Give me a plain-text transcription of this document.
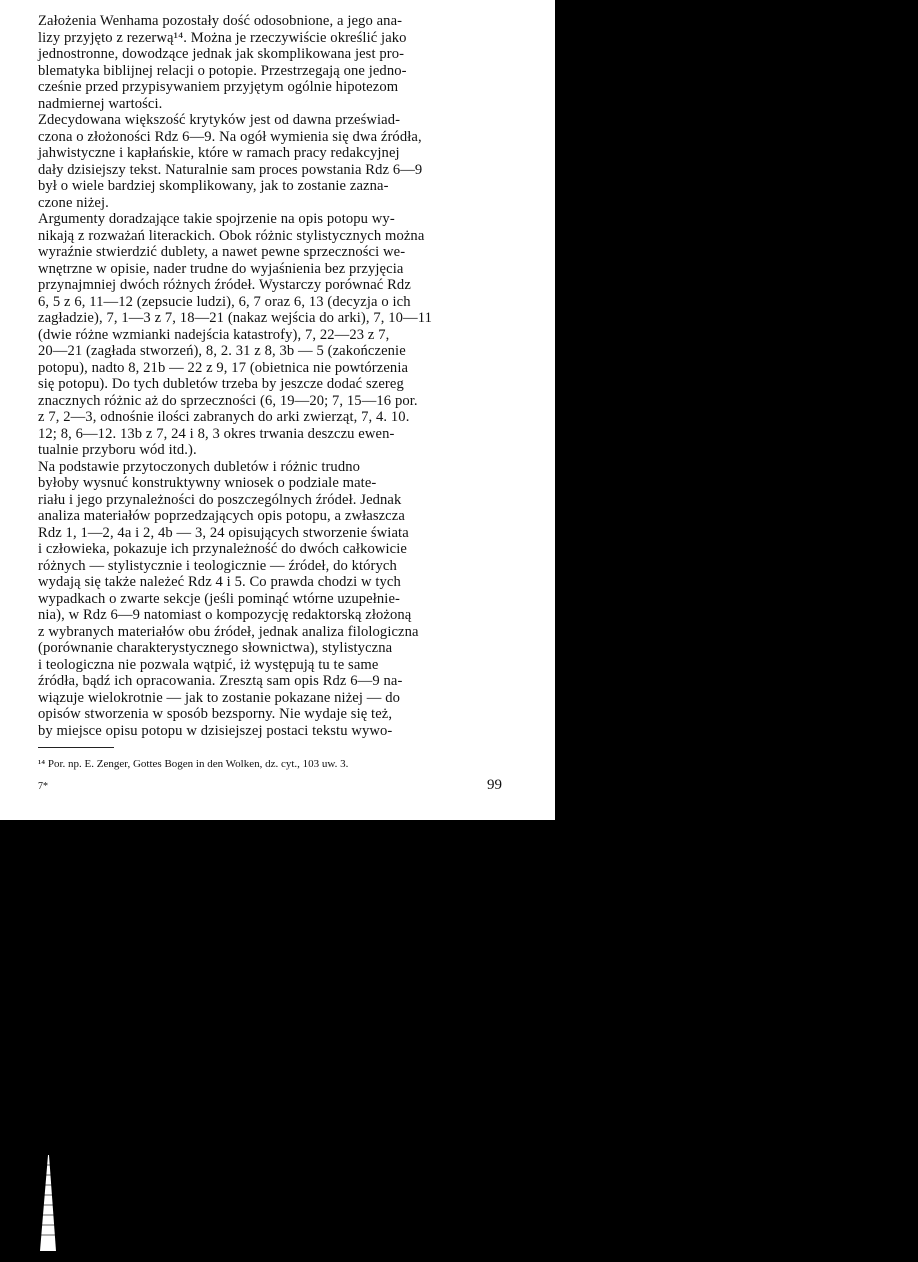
Założenia Wenhama pozostały dość odosobnione, a jego ana-
lizy przyjęto z rezerwą¹⁴. Można je rzeczywiście określić jako
jednostronne, dowodzące jednak jak skomplikowana jest pro-
blematyka biblijnej relacji o potopie. Przestrzegają one jedno-
cześnie przed przypisywaniem przyjętym ogólnie hipotezom
nadmiernej wartości.
Zdecydowana większość krytyków jest od dawna przeświad-
czona o złożoności Rdz 6—9. Na ogół wymienia się dwa źródła,
jahwistyczne i kapłańskie, które w ramach pracy redakcyjnej
dały dzisiejszy tekst. Naturalnie sam proces powstania Rdz 6—9
był o wiele bardziej skomplikowany, jak to zostanie zazna-
czone niżej.
Argumenty doradzające takie spojrzenie na opis potopu wy-
nikają z rozważań literackich. Obok różnic stylistycznych można
wyraźnie stwierdzić dublety, a nawet pewne sprzeczności we-
wnętrzne w opisie, nader trudne do wyjaśnienia bez przyjęcia
przynajmniej dwóch różnych źródeł. Wystarczy porównać Rdz
6, 5 z 6, 11—12 (zepsucie ludzi), 6, 7 oraz 6, 13 (decyzja o ich
zagładzie), 7, 1—3 z 7, 18—21 (nakaz wejścia do arki), 7, 10—11
(dwie różne wzmianki nadejścia katastrofy), 7, 22—23 z 7,
20—21 (zagłada stworzeń), 8, 2. 31 z 8, 3b — 5 (zakończenie
potopu), nadto 8, 21b — 22 z 9, 17 (obietnica nie powtórzenia
się potopu). Do tych dubletów trzeba by jeszcze dodać szereg
znacznych różnic aż do sprzeczności (6, 19—20; 7, 15—16 por.
z 7, 2—3, odnośnie ilości zabranych do arki zwierząt, 7, 4. 10.
12; 8, 6—12. 13b z 7, 24 i 8, 3 okres trwania deszczu ewen-
tualnie przyboru wód itd.).
Na podstawie przytoczonych dubletów i różnic trudno
byłoby wysnuć konstruktywny wniosek o podziale mate-
riału i jego przynależności do poszczególnych źródeł. Jednak
analiza materiałów poprzedzających opis potopu, a zwłaszcza
Rdz 1, 1—2, 4a i 2, 4b — 3, 24 opisujących stworzenie świata
i człowieka, pokazuje ich przynależność do dwóch całkowicie
różnych — stylistycznie i teologicznie — źródeł, do których
wydają się także należeć Rdz 4 i 5. Co prawda chodzi w tych
wypadkach o zwarte sekcje (jeśli pominąć wtórne uzupełnie-
nia), w Rdz 6—9 natomiast o kompozycję redaktorską złożoną
z wybranych materiałów obu źródeł, jednak analiza filologiczna
(porównanie charakterystycznego słownictwa), stylistyczna
i teologiczna nie pozwala wątpić, iż występują tu te same
źródła, bądź ich opracowania. Zresztą sam opis Rdz 6—9 na-
wiązuje wielokrotnie — jak to zostanie pokazane niżej — do
opisów stworzenia w sposób bezsporny. Nie wydaje się też,
by miejsce opisu potopu w dzisiejszej postaci tekstu wywo-
¹⁴ Por. np. E. Zenger, Gottes Bogen in den Wolken, dz. cyt., 103 uw. 3.
7*	99
